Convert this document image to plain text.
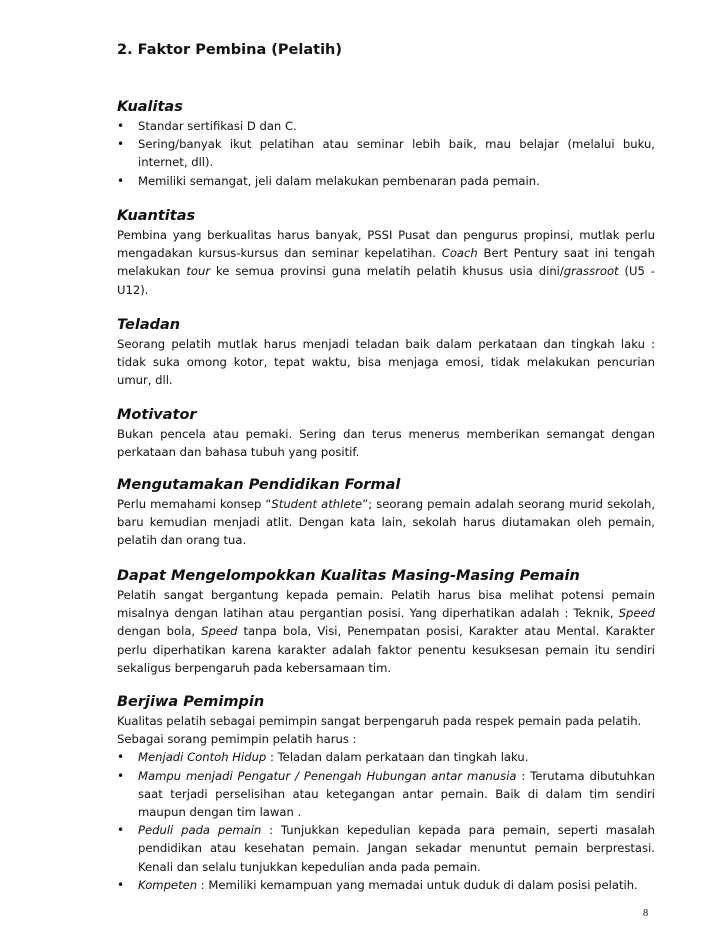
2. Faktor Pembina (Pelatih)
Kualitas
• Standar sertifikasi D dan C.
• Sering/banyak ikut pelatihan atau seminar lebih baik, mau belajar (melalui buku, internet, dll).
• Memiliki semangat, jeli dalam melakukan pembenaran pada pemain.
Kuantitas

Pembina yang berkualitas harus banyak, PSSI Pusat dan pengurus propinsi, mutlak perlu mengadakan kursus-kursus dan seminar kepelatihan. Coach Bert Pentury saat ini tengah melakukan tour ke semua provinsi guna melatih pelatih khusus usia dini/grassroot (U5 - U12).

Teladan

Seorang pelatih mutlak harus menjadi teladan baik dalam perkataan dan tingkah laku : tidak suka omong kotor, tepat waktu, bisa menjaga emosi, tidak melakukan pencurian umur, dll.

Motivator

Bukan pencela atau pemaki. Sering dan terus menerus memberikan semangat dengan perkataan dan bahasa tubuh yang positif.

Mengutamakan Pendidikan Formal

Perlu memahami konsep “Student athlete”; seorang pemain adalah seorang murid sekolah, baru kemudian menjadi atlit. Dengan kata lain, sekolah harus diutamakan oleh pemain, pelatih dan orang tua.

Dapat Mengelompokkan Kualitas Masing-Masing Pemain

Pelatih sangat bergantung kepada pemain. Pelatih harus bisa melihat potensi pemain misalnya dengan latihan atau pergantian posisi. Yang diperhatikan adalah : Teknik, Speed dengan bola, Speed tanpa bola, Visi, Penempatan posisi, Karakter atau Mental. Karakter perlu diperhatikan karena karakter adalah faktor penentu kesuksesan pemain itu sendiri sekaligus berpengaruh pada kebersamaan tim.

Berjiwa Pemimpin

Kualitas pelatih sebagai pemimpin sangat berpengaruh pada respek pemain pada pelatih.

Sebagai sorang pemimpin pelatih harus :

• Menjadi Contoh Hidup : Teladan dalam perkataan dan tingkah laku.
• Mampu menjadi Pengatur / Penengah Hubungan antar manusia : Terutama dibutuhkan saat terjadi perselisihan atau ketegangan antar pemain. Baik di dalam tim sendiri maupun dengan tim lawan .
• Peduli pada pemain : Tunjukkan kepedulian kepada para pemain, seperti masalah pendidikan atau kesehatan pemain. Jangan sekadar menuntut pemain berprestasi. Kenali dan selalu tunjukkan kepedulian anda pada pemain.
• Kompeten : Memiliki kemampuan yang memadai untuk duduk di dalam posisi pelatih.
8
